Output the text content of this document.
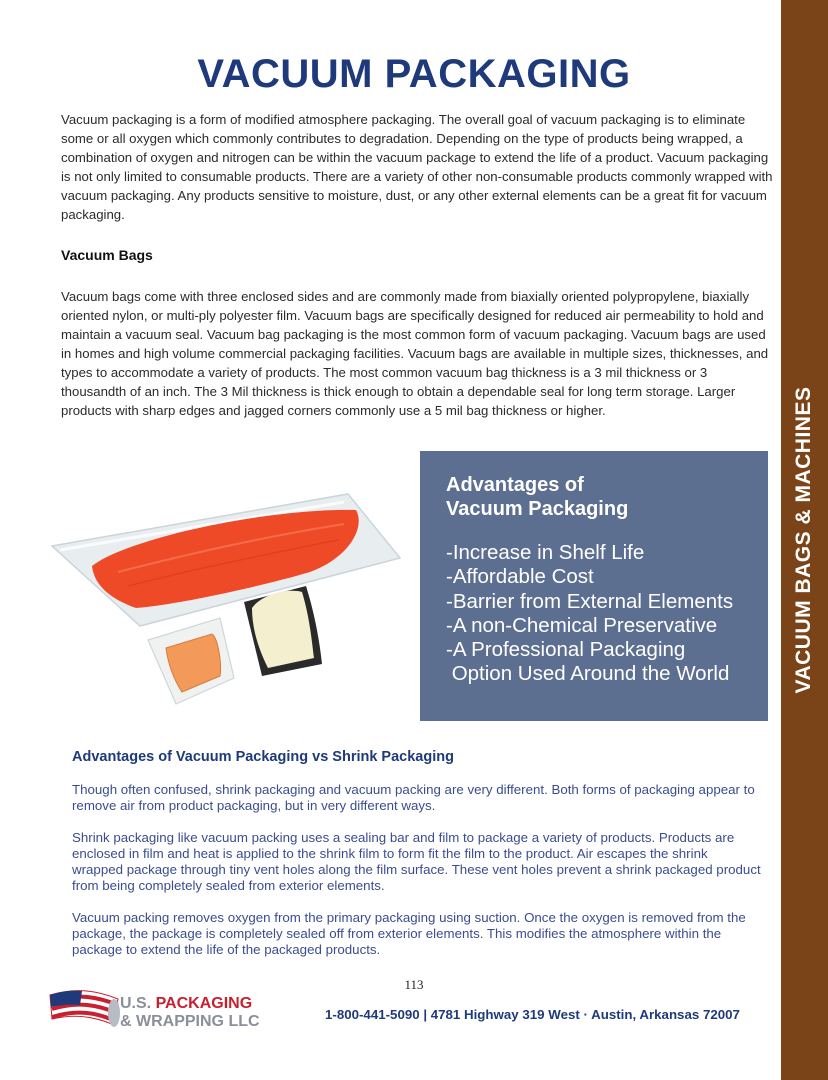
VACUUM BAGS & MACHINES
VACUUM PACKAGING

Vacuum packaging is a form of modified atmosphere packaging. The overall goal of vacuum packaging is to eliminate some or all oxygen which commonly contributes to degradation. Depending on the type of products being wrapped, a combination of oxygen and nitrogen can be within the vacuum package to extend the life of a product. Vacuum packaging is not only limited to consumable products. There are a variety of other non-consumable products commonly wrapped with vacuum packaging. Any products sensitive to moisture, dust, or any other external elements can be a great fit for vacuum packaging.

Vacuum Bags

Vacuum bags come with three enclosed sides and are commonly made from biaxially oriented polypropylene, biaxially oriented nylon, or multi-ply polyester film. Vacuum bags are specifically designed for reduced air permeability to hold and maintain a vacuum seal. Vacuum bag packaging is the most common form of vacuum packaging. Vacuum bags are used in homes and high volume commercial packaging facilities. Vacuum bags are available in multiple sizes, thicknesses, and types to accommodate a variety of products. The most common vacuum bag thickness is a 3 mil thickness or 3 thousandth of an inch. The 3 Mil thickness is thick enough to obtain a dependable seal for long term storage. Larger products with sharp edges and jagged corners commonly use a 5 mil bag thickness or higher.

Advantages of
Vacuum Packaging
-Increase in Shelf Life
-Affordable Cost
-Barrier from External Elements
-A non-Chemical Preservative
-A Professional Packaging
Option Used Around the World
Advantages of Vacuum Packaging vs Shrink Packaging

Though often confused, shrink packaging and vacuum packing are very different. Both forms of packaging appear to remove air from product packaging, but in very different ways.

Shrink packaging like vacuum packing uses a sealing bar and film to package a variety of products. Products are enclosed in film and heat is applied to the shrink film to form fit the film to the product. Air escapes the shrink wrapped package through tiny vent holes along the film surface. These vent holes prevent a shrink packaged product from being completely sealed from exterior elements.

Vacuum packing removes oxygen from the primary packaging using suction. Once the oxygen is removed from the package, the package is completely sealed off from exterior elements. This modifies the atmosphere within the package to extend the life of the packaged products.

113
U.S. PACKAGING
& WRAPPING LLC	1-800-441-5090 | 4781 Highway 319 West · Austin, Arkansas 72007
